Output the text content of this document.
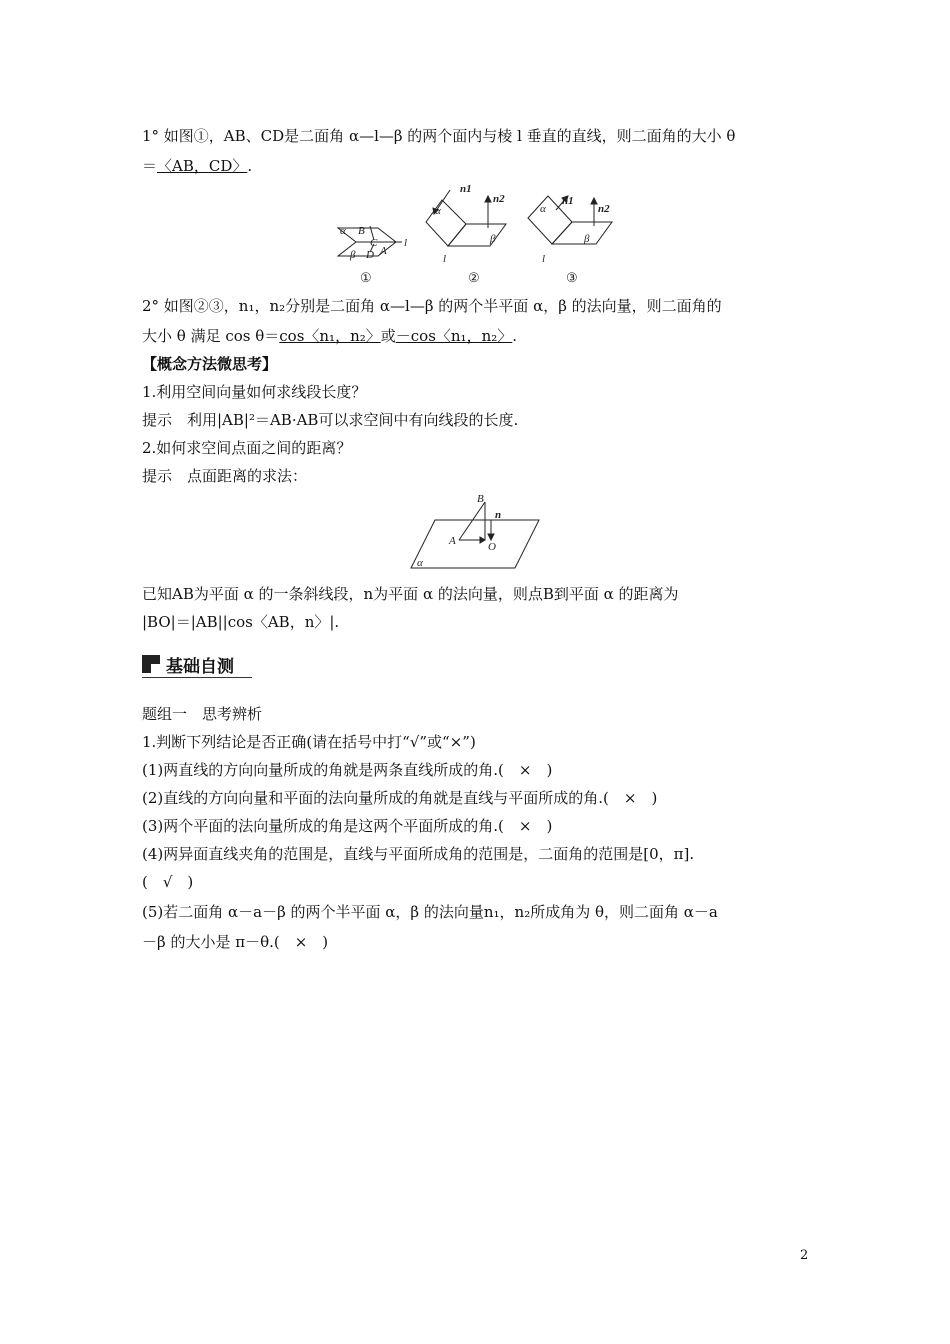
1° 如图①，AB、CD是二面角 α—l—β 的两个面内与棱 l 垂直的直线，则二面角的大小 θ
＝〈AB，CD〉.
α B
C
β D A
l
α
β
l
n1
n2
α
β
l
n1
n2
①	②	③
2° 如图②③，n₁，n₂分别是二面角 α—l—β 的两个半平面 α，β 的法向量，则二面角的
大小 θ 满足 cos θ＝cos〈n₁，n₂〉或－cos〈n₁，n₂〉.
【概念方法微思考】
1.利用空间向量如何求线段长度？
提示　利用|AB|²＝AB·AB可以求空间中有向线段的长度.
2.如何求空间点面之间的距离？
提示　点面距离的求法：
B
n
A	O
α
已知AB为平面 α 的一条斜线段，n为平面 α 的法向量，则点B到平面 α 的距离为
|BO|＝|AB||cos〈AB，n〉|.
基础自测
题组一　思考辨析
1.判断下列结论是否正确(请在括号中打“√”或“×”)
(1)两直线的方向向量所成的角就是两条直线所成的角.(　×　)
(2)直线的方向向量和平面的法向量所成的角就是直线与平面所成的角.(　×　)
(3)两个平面的法向量所成的角是这两个平面所成的角.(　×　)
(4)两异面直线夹角的范围是，直线与平面所成角的范围是，二面角的范围是[0，π].
(　√　)
(5)若二面角 α－a－β 的两个半平面 α，β 的法向量n₁，n₂所成角为 θ，则二面角 α－a
－β 的大小是 π－θ.(　×　)
2
